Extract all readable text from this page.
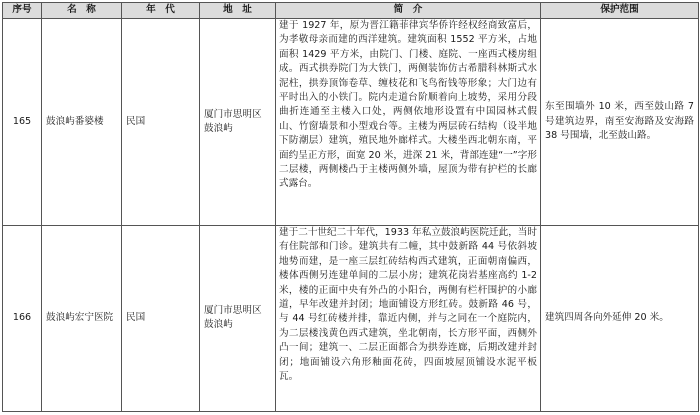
序号	名　称	年　代	地　址	简　介	保护范围
165	鼓浪屿番婆楼	民国	厦门市思明区鼓浪屿	建于 1927 年，原为晋江籍菲律宾华侨许经权经商致富后，为孝敬母亲而建的西洋建筑。建筑面积 1552 平方米，占地面积 1429 平方米，由院门、门楼、庭院、一座西式楼房组成。西式拱券院门为大铁门，两侧装饰仿古希腊科林斯式水泥柱，拱券顶饰卷草、缠枝花和飞鸟衔钱等形象；大门边有平时出入的小铁门。院内走道台阶顺着向上坡势，采用分段曲折连通至主楼入口处，两侧依地形设置有中国园林式假山、竹窗墙景和小型戏台等。主楼为两层砖石结构（设半地下防潮层）建筑，殖民地外廊样式。大楼坐西北朝东南，平面约呈正方形，面宽 20 米，进深 21 米，背部连建“一”字形二层楼，两侧楼凸于主楼两侧外墙，屋顶为带有护栏的长廊式露台。	东至围墙外 10 米，西至鼓山路 7 号建筑边界，南至安海路及安海路 38 号围墙，北至鼓山路。
166	鼓浪屿宏宁医院	民国	厦门市思明区鼓浪屿	建于二十世纪二十年代，1933 年私立鼓浪屿医院迁此，当时有住院部和门诊。建筑共有二幢，其中鼓新路 44 号依斜坡地势而建，是一座三层红砖结构西式建筑，正面朝南偏西，楼体西侧另连建单间的二层小房；建筑花岗岩基座高约 1-2 米，楼的正面中央有外凸的小阳台，两侧有栏杆围护的小廊道，早年改建并封闭；地面铺设方形红砖。鼓新路 46 号，与 44 号红砖楼并排，靠近内侧，并与之同在一个庭院内，为二层楼浅黄色西式建筑，坐北朝南，长方形平面，西侧外凸一间；建筑一、二层正面都合为拱券连廊，后期改建并封闭；地面铺设六角形釉面花砖，四面坡屋顶铺设水泥平板瓦。	建筑四周各向外延伸 20 米。
